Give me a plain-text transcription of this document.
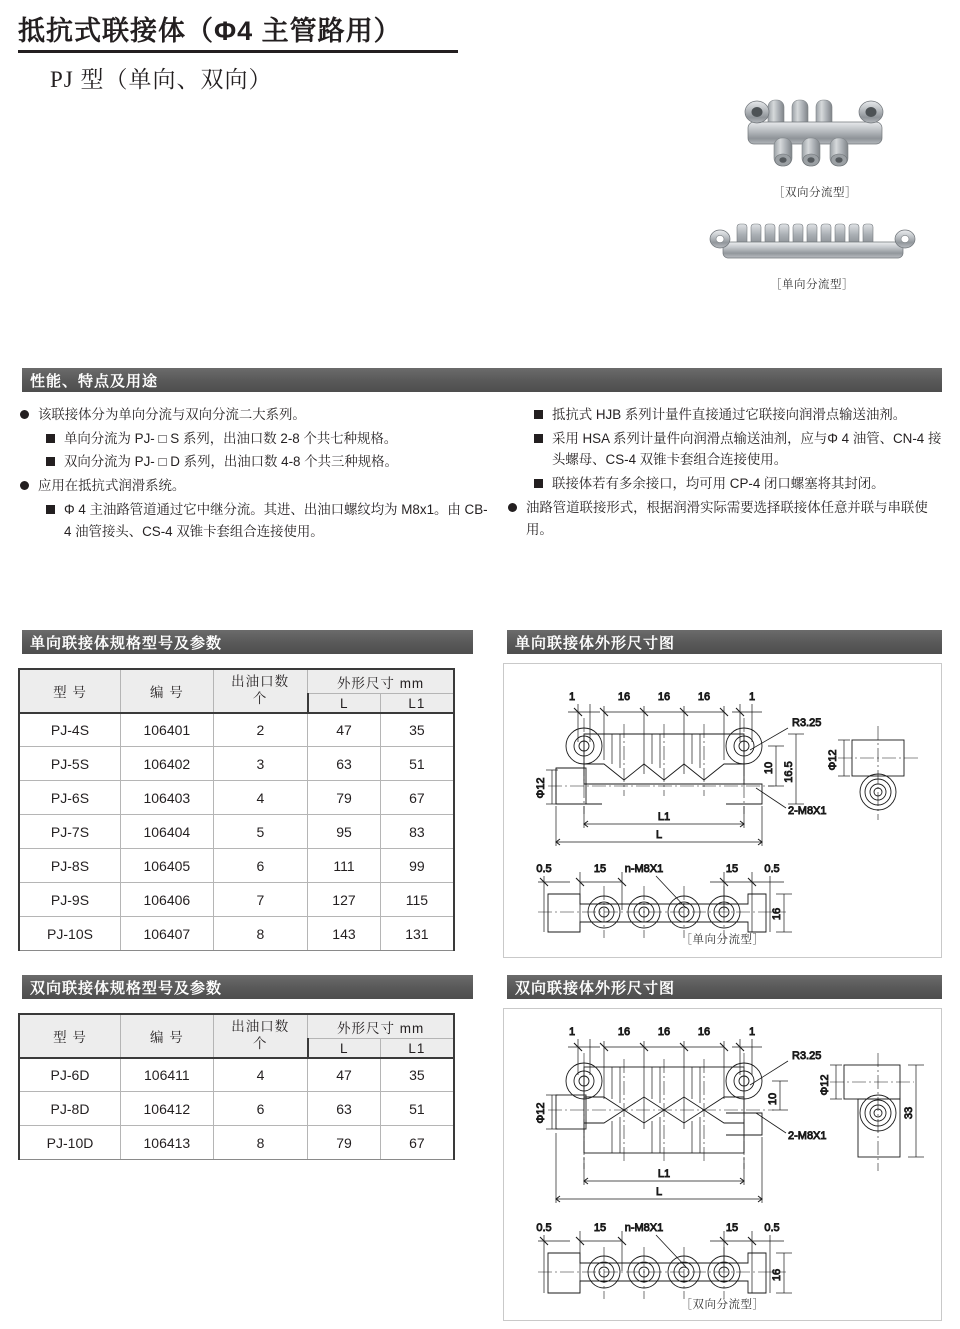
抵抗式联接体（Φ4 主管路用）
PJ 型（单向、双向）
［双向分流型］
［单向分流型］
性能、特点及用途
该联接体分为单向分流与双向分流二大系列。
单向分流为 PJ- □ S 系列，出油口数 2-8 个共七种规格。
双向分流为 PJ- □ D 系列，出油口数 4-8 个共三种规格。
应用在抵抗式润滑系统。
Φ 4 主油路管道通过它中继分流。其进、出油口螺纹均为 M8x1。由 CB-4 油管接头、CS-4 双锥卡套组合连接使用。
抵抗式 HJB 系列计量件直接通过它联接向润滑点输送油剂。
采用 HSA 系列计量件向润滑点输送油剂，应与Φ 4 油管、CN-4 接头螺母、CS-4 双锥卡套组合连接使用。
联接体若有多余接口，均可用 CP-4 闭口螺塞将其封闭。
油路管道联接形式，根据润滑实际需要选择联接体任意并联与串联使用。
单向联接体规格型号及参数
型 号	编 号	出油口数
个	外形尺寸 mm	
			L	L1
PJ-4S	106401	2	47	35
PJ-5S	106402	3	63	51
PJ-6S	106403	4	79	67
PJ-7S	106404	5	95	83
PJ-8S	106405	6	111	99
PJ-9S	106406	7	127	115
PJ-10S	106407	8	143	131
双向联接体规格型号及参数
型 号	编 号	出油口数
个	外形尺寸 mm	
			L	L1
PJ-6D	106411	4	47	35
PJ-8D	106412	6	63	51
PJ-10D	106413	8	79	67
单向联接体外形尺寸图
1	16	16	16	1
Φ12
R3.25
10 16.5
2-M8X1
L1
L
Φ12
0.5	15	15 0.5
n-M8X1
16
［单向分流型］
双向联接体外形尺寸图
1	16	16	16	1
Φ12
R3.25
10
2-M8X1
L1
L
Φ12
33
0.5	15	15 0.5
n-M8X1
16
［双向分流型］
